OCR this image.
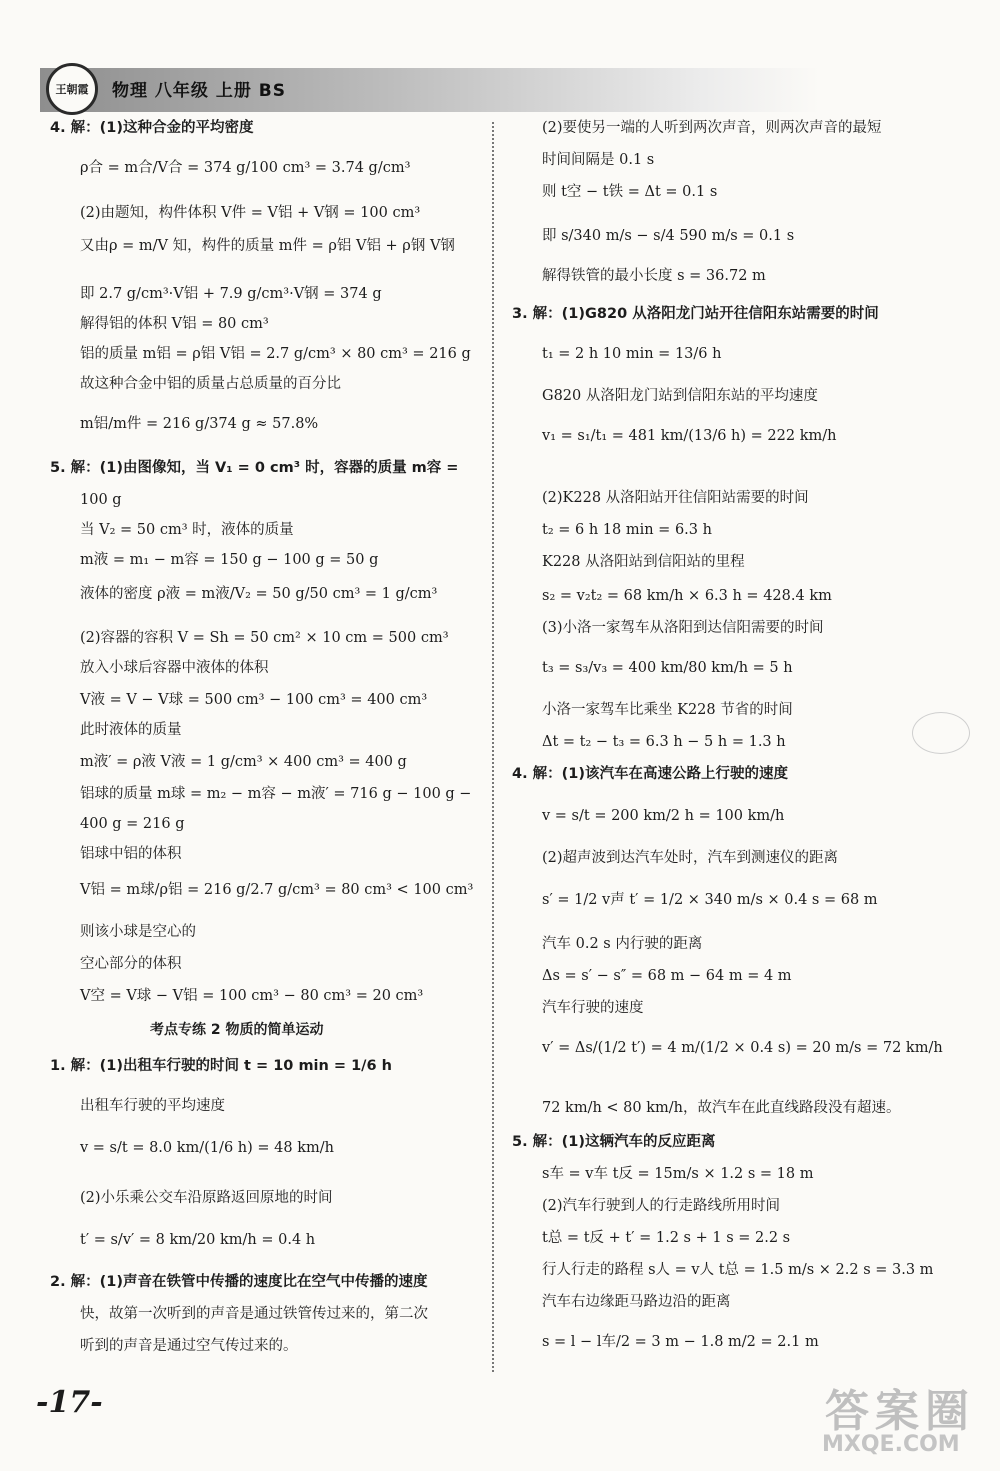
王朝霞	物理 八年级 上册 BS
4. 解：(1)这种合金的平均密度
ρ合 = m合/V合 = 374 g/100 cm³ = 3.74 g/cm³
(2)由题知，构件体积 V件 = V铝 + V钢 = 100 cm³
又由ρ = m/V 知，构件的质量 m件 = ρ铝 V铝 + ρ钢 V钢
即 2.7 g/cm³·V铝 + 7.9 g/cm³·V钢 = 374 g
解得铝的体积 V铝 = 80 cm³
铝的质量 m铝 = ρ铝 V铝 = 2.7 g/cm³ × 80 cm³ = 216 g
故这种合金中铝的质量占总质量的百分比
m铝/m件 = 216 g/374 g ≈ 57.8%
5. 解：(1)由图像知，当 V₁ = 0 cm³ 时，容器的质量 m容 =
100 g
当 V₂ = 50 cm³ 时，液体的质量
m液 = m₁ − m容 = 150 g − 100 g = 50 g
液体的密度 ρ液 = m液/V₂ = 50 g/50 cm³ = 1 g/cm³
(2)容器的容积 V = Sh = 50 cm² × 10 cm = 500 cm³
放入小球后容器中液体的体积
V液 = V − V球 = 500 cm³ − 100 cm³ = 400 cm³
此时液体的质量
m液′ = ρ液 V液 = 1 g/cm³ × 400 cm³ = 400 g
铝球的质量 m球 = m₂ − m容 − m液′ = 716 g − 100 g −
400 g = 216 g
铝球中铝的体积
V铝 = m球/ρ铝 = 216 g/2.7 g/cm³ = 80 cm³ < 100 cm³
则该小球是空心的
空心部分的体积
V空 = V球 − V铝 = 100 cm³ − 80 cm³ = 20 cm³
考点专练 2 物质的简单运动
1. 解：(1)出租车行驶的时间 t = 10 min = 1/6 h
出租车行驶的平均速度
v = s/t = 8.0 km/(1/6 h) = 48 km/h
(2)小乐乘公交车沿原路返回原地的时间
t′ = s/v′ = 8 km/20 km/h = 0.4 h
2. 解：(1)声音在铁管中传播的速度比在空气中传播的速度
快，故第一次听到的声音是通过铁管传过来的，第二次
听到的声音是通过空气传过来的。
(2)要使另一端的人听到两次声音，则两次声音的最短
时间间隔是 0.1 s
则 t空 − t铁 = Δt = 0.1 s
即 s/340 m/s − s/4 590 m/s = 0.1 s
解得铁管的最小长度 s = 36.72 m
3. 解：(1)G820 从洛阳龙门站开往信阳东站需要的时间
t₁ = 2 h 10 min = 13/6 h
G820 从洛阳龙门站到信阳东站的平均速度
v₁ = s₁/t₁ = 481 km/(13/6 h) = 222 km/h
(2)K228 从洛阳站开往信阳站需要的时间
t₂ = 6 h 18 min = 6.3 h
K228 从洛阳站到信阳站的里程
s₂ = v₂t₂ = 68 km/h × 6.3 h = 428.4 km
(3)小洛一家驾车从洛阳到达信阳需要的时间
t₃ = s₃/v₃ = 400 km/80 km/h = 5 h
小洛一家驾车比乘坐 K228 节省的时间
Δt = t₂ − t₃ = 6.3 h − 5 h = 1.3 h
4. 解：(1)该汽车在高速公路上行驶的速度
v = s/t = 200 km/2 h = 100 km/h
(2)超声波到达汽车处时，汽车到测速仪的距离
s′ = 1/2 v声 t′ = 1/2 × 340 m/s × 0.4 s = 68 m
汽车 0.2 s 内行驶的距离
Δs = s′ − s″ = 68 m − 64 m = 4 m
汽车行驶的速度
v′ = Δs/(1/2 t′) = 4 m/(1/2 × 0.4 s) = 20 m/s = 72 km/h
72 km/h < 80 km/h，故汽车在此直线路段没有超速。
5. 解：(1)这辆汽车的反应距离
s车 = v车 t反 = 15m/s × 1.2 s = 18 m
(2)汽车行驶到人的行走路线所用时间
t总 = t反 + t′ = 1.2 s + 1 s = 2.2 s
行人行走的路程 s人 = v人 t总 = 1.5 m/s × 2.2 s = 3.3 m
汽车右边缘距马路边沿的距离
s = l − l车/2 = 3 m − 1.8 m/2 = 2.1 m
-17-	答案圈
MXQE.COM
